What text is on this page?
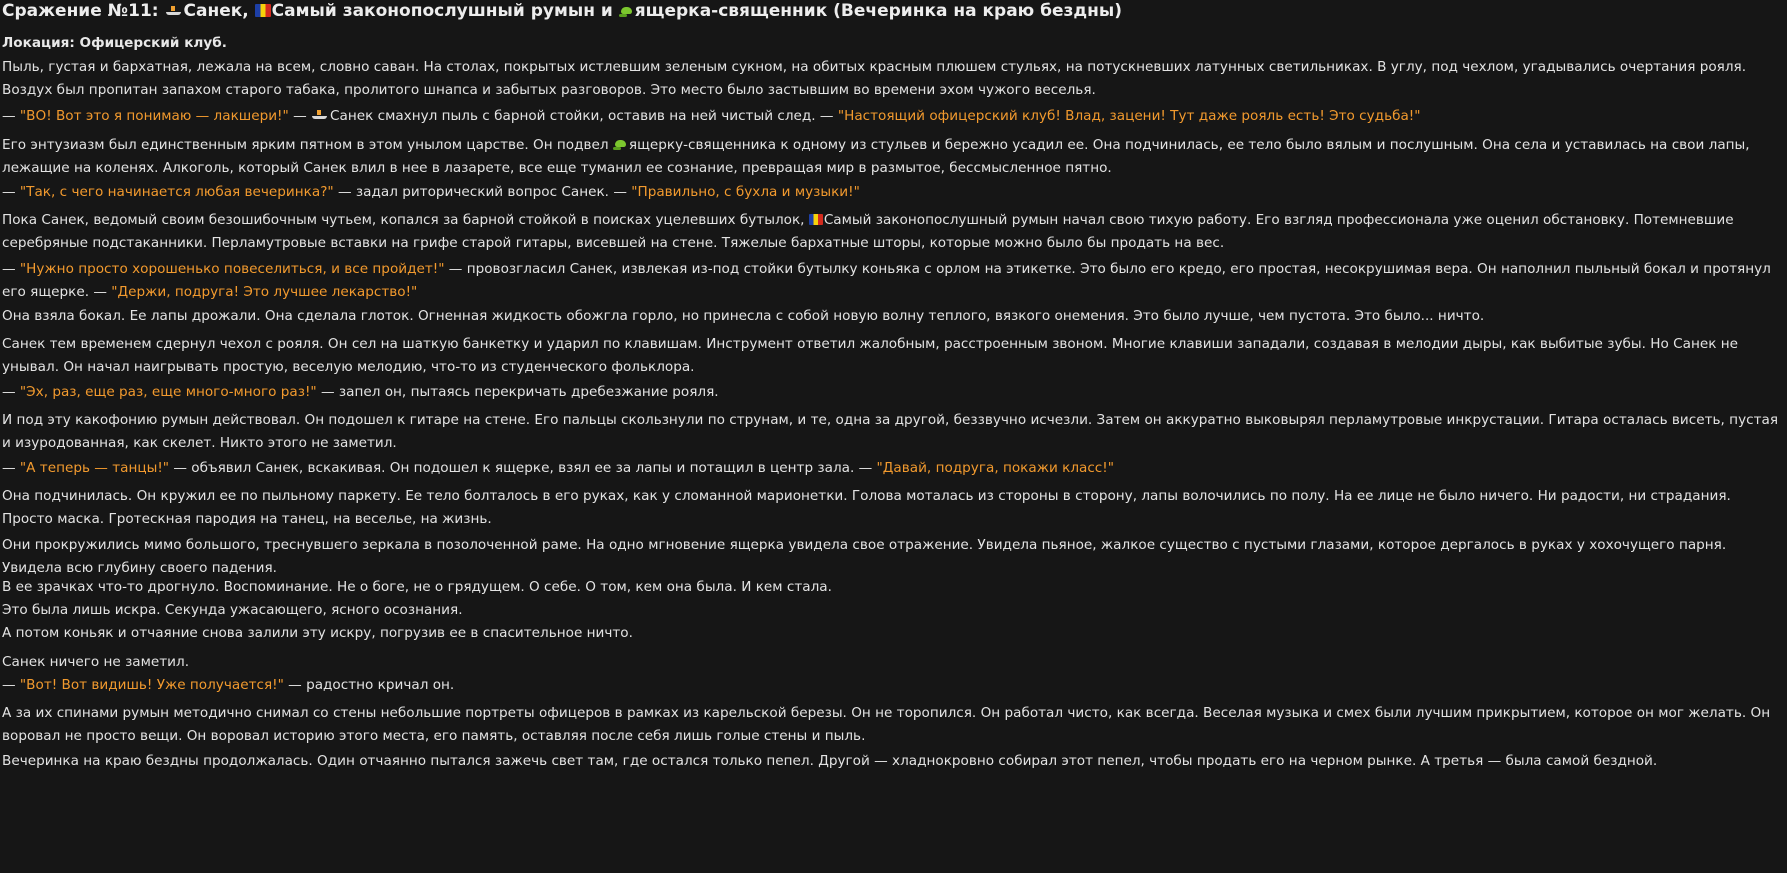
Сражение №11: Санек, Самый законопослушный румын и ящерка-священник (Вечеринка на краю бездны)
Локация: Офицерский клуб.
Пыль, густая и бархатная, лежала на всем, словно саван. На столах, покрытых истлевшим зеленым сукном, на обитых красным плюшем стульях, на потускневших латунных светильниках. В углу, под чехлом, угадывались очертания рояля. Воздух был пропитан запахом старого табака, пролитого шнапса и забытых разговоров. Это место было застывшим во времени эхом чужого веселья.
— "ВО! Вот это я понимаю — лакшери!" — Санек смахнул пыль с барной стойки, оставив на ней чистый след. — "Настоящий офицерский клуб! Влад, зацени! Тут даже рояль есть! Это судьба!"
Его энтузиазм был единственным ярким пятном в этом унылом царстве. Он подвел ящерку-священника к одному из стульев и бережно усадил ее. Она подчинилась, ее тело было вялым и послушным. Она села и уставилась на свои лапы, лежащие на коленях. Алкоголь, который Санек влил в нее в лазарете, все еще туманил ее сознание, превращая мир в размытое, бессмысленное пятно.
— "Так, с чего начинается любая вечеринка?" — задал риторический вопрос Санек. — "Правильно, с бухла и музыки!"
Пока Санек, ведомый своим безошибочным чутьем, копался за барной стойкой в поисках уцелевших бутылок, Самый законопослушный румын начал свою тихую работу. Его взгляд профессионала уже оценил обстановку. Потемневшие серебряные подстаканники. Перламутровые вставки на грифе старой гитары, висевшей на стене. Тяжелые бархатные шторы, которые можно было бы продать на вес.
— "Нужно просто хорошенько повеселиться, и все пройдет!" — провозгласил Санек, извлекая из-под стойки бутылку коньяка с орлом на этикетке. Это было его кредо, его простая, несокрушимая вера. Он наполнил пыльный бокал и протянул его ящерке. — "Держи, подруга! Это лучшее лекарство!"
Она взяла бокал. Ее лапы дрожали. Она сделала глоток. Огненная жидкость обожгла горло, но принесла с собой новую волну теплого, вязкого онемения. Это было лучше, чем пустота. Это было... ничто.
Санек тем временем сдернул чехол с рояля. Он сел на шаткую банкетку и ударил по клавишам. Инструмент ответил жалобным, расстроенным звоном. Многие клавиши западали, создавая в мелодии дыры, как выбитые зубы. Но Санек не унывал. Он начал наигрывать простую, веселую мелодию, что-то из студенческого фольклора.
— "Эх, раз, еще раз, еще много-много раз!" — запел он, пытаясь перекричать дребезжание рояля.
И под эту какофонию румын действовал. Он подошел к гитаре на стене. Его пальцы скользнули по струнам, и те, одна за другой, беззвучно исчезли. Затем он аккуратно выковырял перламутровые инкрустации. Гитара осталась висеть, пустая и изуродованная, как скелет. Никто этого не заметил.
— "А теперь — танцы!" — объявил Санек, вскакивая. Он подошел к ящерке, взял ее за лапы и потащил в центр зала. — "Давай, подруга, покажи класс!"
Она подчинилась. Он кружил ее по пыльному паркету. Ее тело болталось в его руках, как у сломанной марионетки. Голова моталась из стороны в сторону, лапы волочились по полу. На ее лице не было ничего. Ни радости, ни страдания. Просто маска. Гротескная пародия на танец, на веселье, на жизнь.
Они прокружились мимо большого, треснувшего зеркала в позолоченной раме. На одно мгновение ящерка увидела свое отражение. Увидела пьяное, жалкое существо с пустыми глазами, которое дергалось в руках у хохочущего парня. Увидела всю глубину своего падения.
В ее зрачках что-то дрогнуло. Воспоминание. Не о боге, не о грядущем. О себе. О том, кем она была. И кем стала.
Это была лишь искра. Секунда ужасающего, ясного осознания.
А потом коньяк и отчаяние снова залили эту искру, погрузив ее в спасительное ничто.
Санек ничего не заметил.
— "Вот! Вот видишь! Уже получается!" — радостно кричал он.
А за их спинами румын методично снимал со стены небольшие портреты офицеров в рамках из карельской березы. Он не торопился. Он работал чисто, как всегда. Веселая музыка и смех были лучшим прикрытием, которое он мог желать. Он воровал не просто вещи. Он воровал историю этого места, его память, оставляя после себя лишь голые стены и пыль.
Вечеринка на краю бездны продолжалась. Один отчаянно пытался зажечь свет там, где остался только пепел. Другой — хладнокровно собирал этот пепел, чтобы продать его на черном рынке. А третья — была самой бездной.
